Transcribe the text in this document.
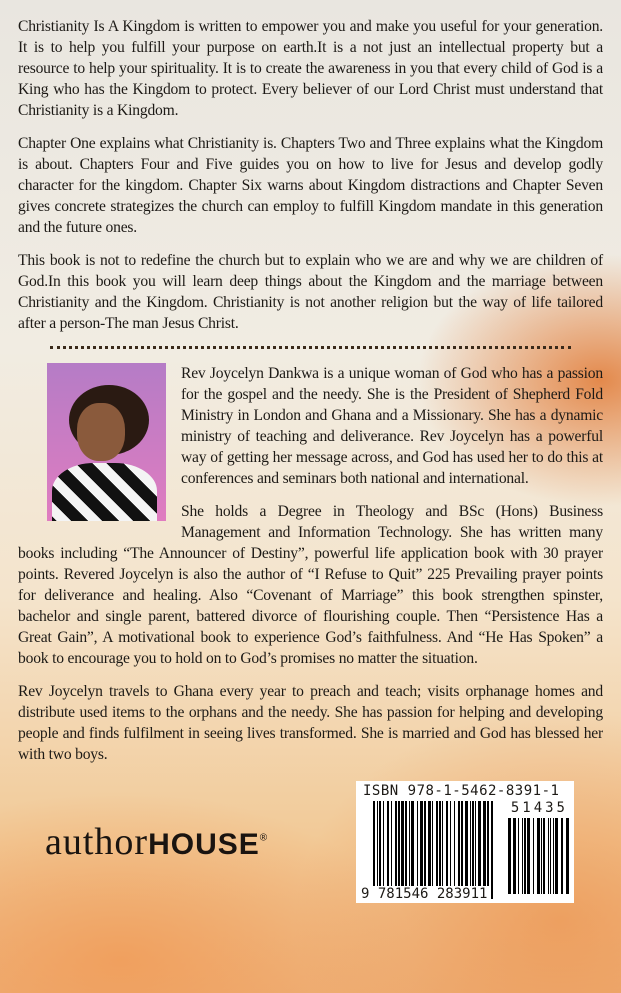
Christianity Is A Kingdom is written to empower you and make you useful for your generation. It is to help you fulfill your purpose on earth.It is a not just an intellectual property but a resource to help your spirituality. It is to create the awareness in you that every child of God is a King who has the Kingdom to protect. Every believer of our Lord Christ must understand that Christianity is a Kingdom.

Chapter One explains what Christianity is. Chapters Two and Three explains what the Kingdom is about. Chapters Four and Five guides you on how to live for Jesus and develop godly character for the kingdom. Chapter Six warns about Kingdom distractions and Chapter Seven gives concrete strategizes the church can employ to fulfill Kingdom mandate in this generation and the future ones.

This book is not to redefine the church but to explain who we are and why we are children of God.In this book you will learn deep things about the Kingdom and the marriage between Christianity and the Kingdom. Christianity is not another religion but the way of life tailored after a person-The man Jesus Christ.

Rev Joycelyn Dankwa is a unique woman of God who has a passion for the gospel and the needy. She is the President of Shepherd Fold Ministry in London and Ghana and a Missionary. She has a dynamic ministry of teaching and deliverance. Rev Joycelyn has a powerful way of getting her message across, and God has used her to do this at conferences and seminars both national and international.

She holds a Degree in Theology and BSc (Hons) Business Management and Information Technology. She has written many books including “The Announcer of Destiny”, powerful life application book with 30 prayer points. Revered Joycelyn is also the author of “I Refuse to Quit” 225 Prevailing prayer points for deliverance and healing. Also “Covenant of Marriage” this book strengthen spinster, bachelor and single parent, battered divorce of flourishing couple. Then “Persistence Has a Great Gain”, A motivational book to experience God’s faithfulness. And “He Has Spoken” a book to encourage you to hold on to God’s promises no matter the situation.

Rev Joycelyn travels to Ghana every year to preach and teach; visits orphanage homes and distribute used items to the orphans and the needy. She has passion for helping and developing people and finds fulfilment in seeing lives transformed. She is married and God has blessed her with two boys.

authorHOUSE®
ISBN 978-1-5462-8391-1
51435
9 781546 283911
